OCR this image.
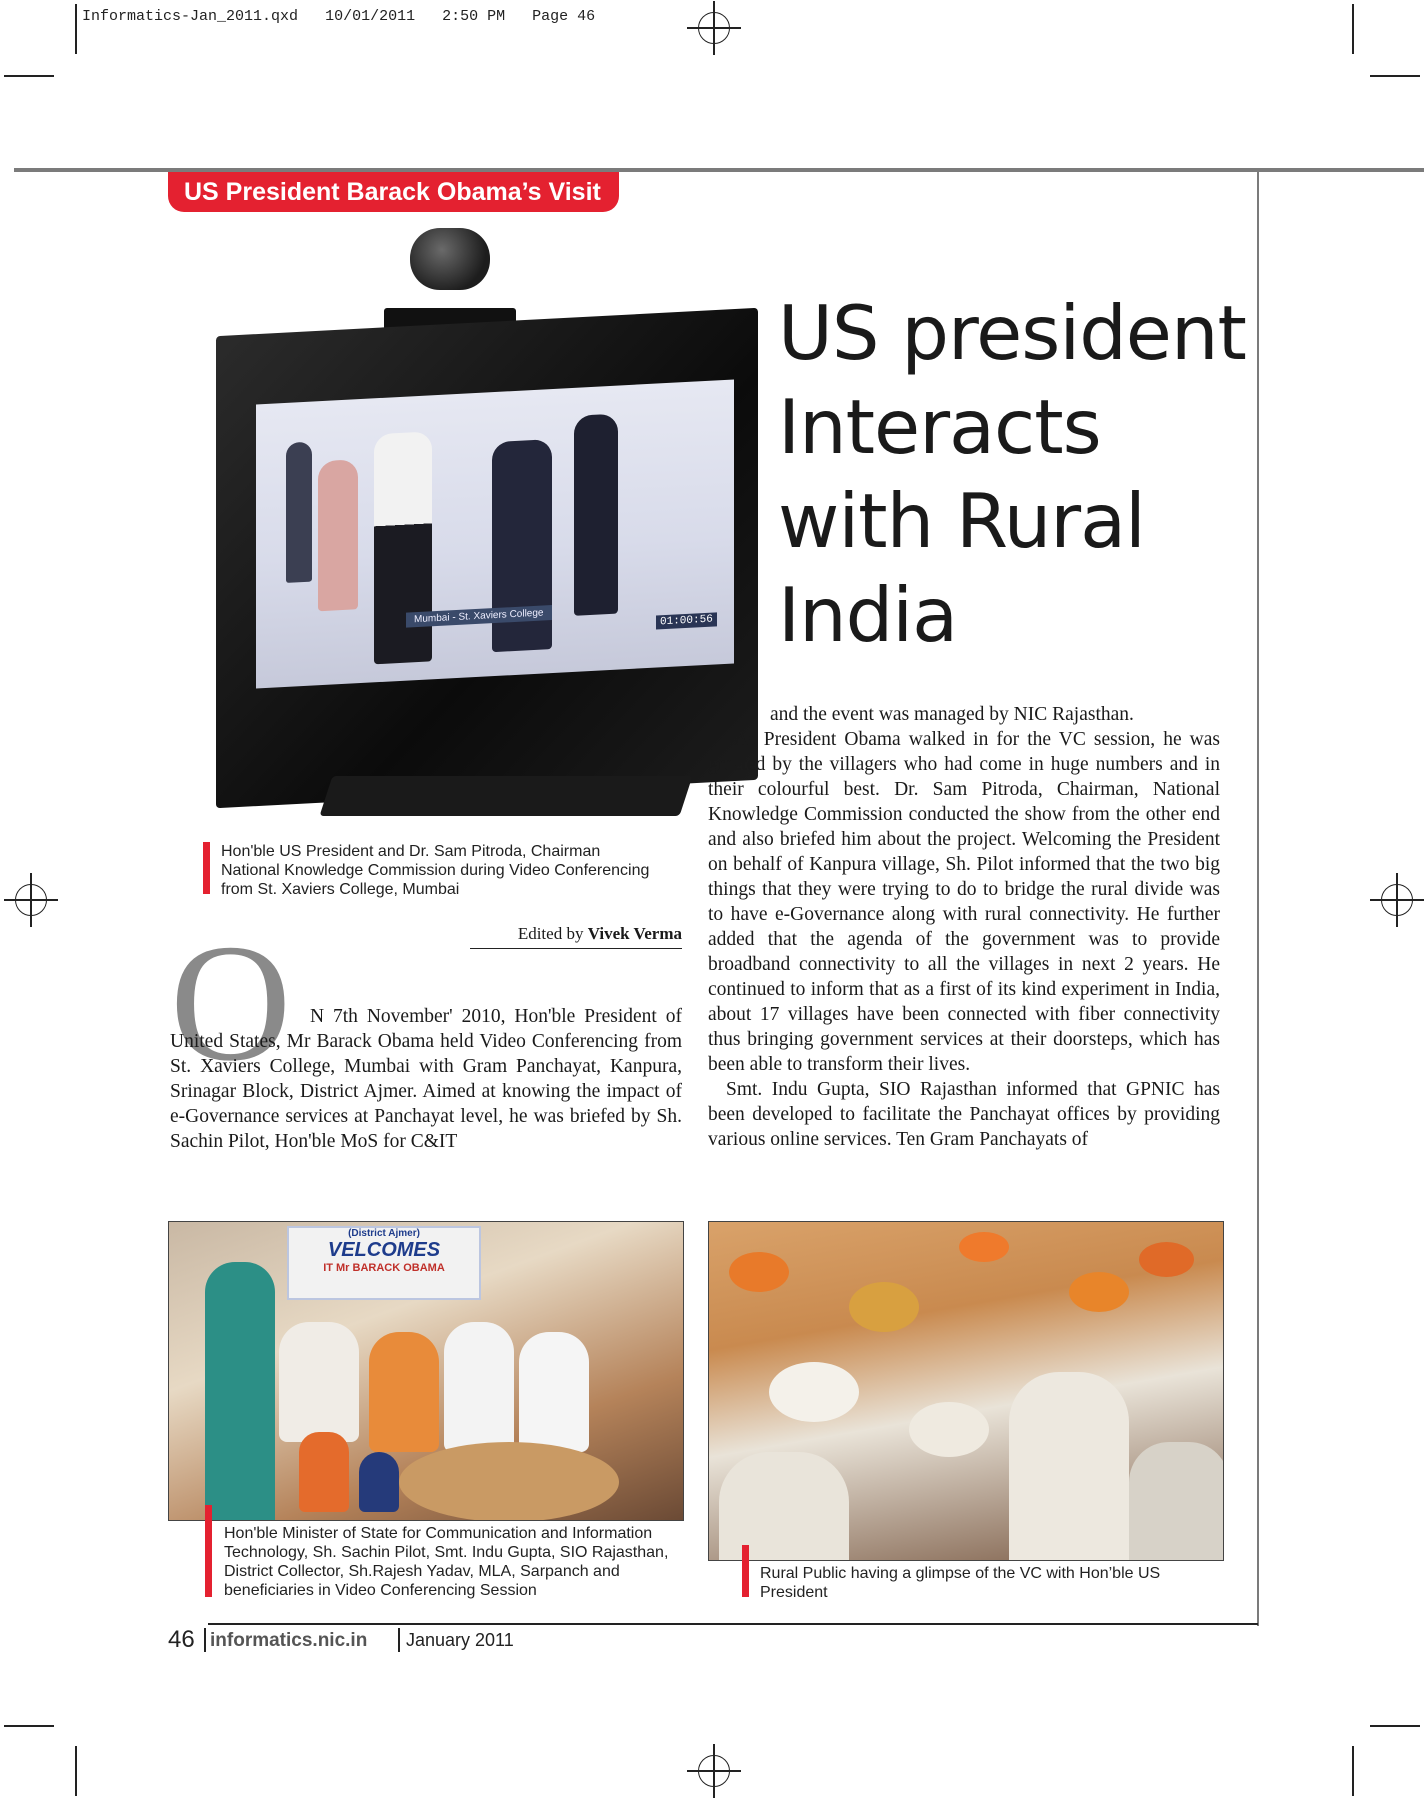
Informatics-Jan_2011.qxd 10/01/2011 2:50 PM Page 46
US President Barack Obama’s Visit
Mumbai - St. Xaviers College	01:00:56
US president Interacts with Rural India
Hon'ble US President and Dr. Sam Pitroda, Chairman National Knowledge Commission during Video Conferencing from St. Xaviers College, Mumbai
Edited by Vivek Verma
O N 7th November' 2010, Hon'ble President of United States, Mr Barack Obama held Video Conferencing from St. Xaviers College, Mumbai with Gram Panchayat, Kanpura, Srinagar Block, District Ajmer. Aimed at knowing the impact of e-Governance services at Panchayat level, he was briefed by Sh. Sachin Pilot, Hon'ble MoS for C&IT

and the event was managed by NIC Rajasthan.

As President Obama walked in for the VC session, he was greeted by the villagers who had come in huge numbers and in their colourful best. Dr. Sam Pitroda, Chairman, National Knowledge Commission conducted the show from the other end and also briefed him about the project. Welcoming the President on behalf of Kanpura village, Sh. Pilot informed that the two big things that they were trying to do to bridge the rural divide was to have e-Governance along with rural connectivity. He further added that the agenda of the government was to provide broadband connectivity to all the villages in next 2 years. He continued to inform that as a first of its kind experiment in India, about 17 villages have been connected with fiber connectivity thus bringing government services at their doorsteps, which has been able to transform their lives.

Smt. Indu Gupta, SIO Rajasthan informed that GPNIC has been developed to facilitate the Panchayat offices by providing various online services. Ten Gram Panchayats of

(District Ajmer)
VELCOMES
IT Mr BARACK OBAMA
Hon'ble Minister of State for Communication and Information Technology, Sh. Sachin Pilot, Smt. Indu Gupta, SIO Rajasthan, District Collector, Sh.Rajesh Yadav, MLA, Sarpanch and beneficiaries in Video Conferencing Session
Rural Public having a glimpse of the VC with Hon’ble US President
46 informatics.nic.in January 2011
